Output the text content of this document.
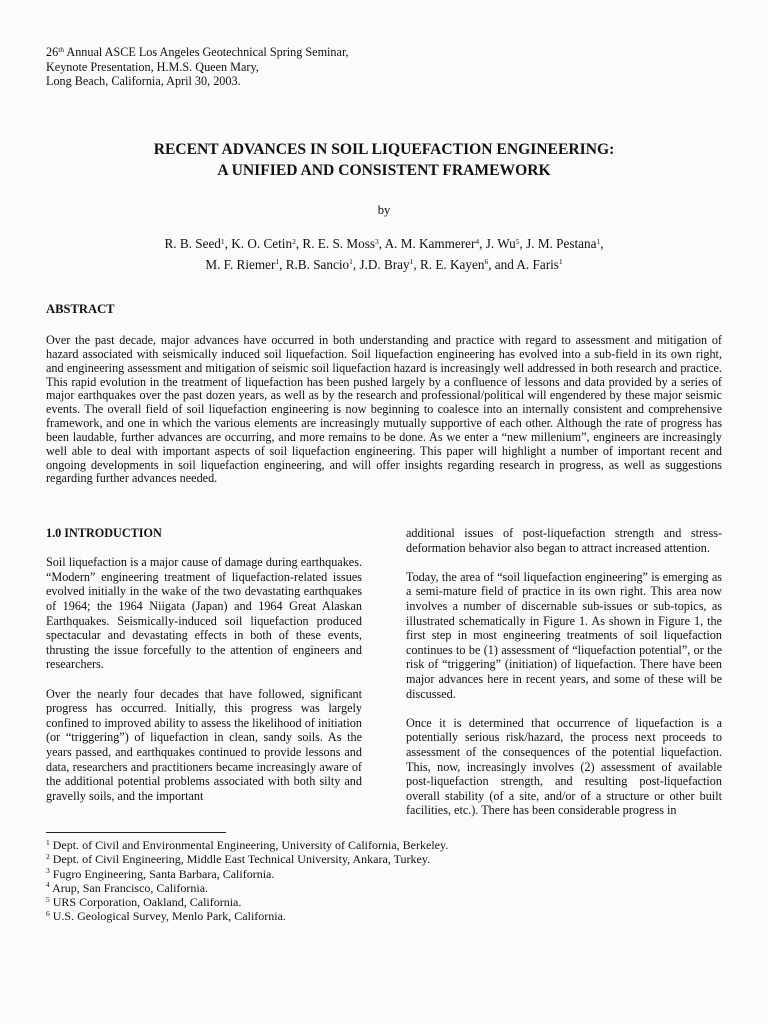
26th Annual ASCE Los Angeles Geotechnical Spring Seminar,
Keynote Presentation, H.M.S. Queen Mary,
Long Beach, California, April 30, 2003.
RECENT ADVANCES IN SOIL LIQUEFACTION ENGINEERING:
A UNIFIED AND CONSISTENT FRAMEWORK
by
R. B. Seed$^1$, K. O. Cetin$^2$, R. E. S. Moss$^3$, A. M. Kammerer$^4$, J. Wu$^5$, J. M. Pestana$^1$,
M. F. Riemer$^1$, R.B. Sancio$^1$, J.D. Bray$^1$, R. E. Kayen$^6$, and A. Faris$^1$
ABSTRACT
Over the past decade, major advances have occurred in both understanding and practice with regard to assessment and mitigation of hazard associated with seismically induced soil liquefaction. Soil liquefaction engineering has evolved into a sub-field in its own right, and engineering assessment and mitigation of seismic soil liquefaction hazard is increasingly well addressed in both research and practice. This rapid evolution in the treatment of liquefaction has been pushed largely by a confluence of lessons and data provided by a series of major earthquakes over the past dozen years, as well as by the research and professional/political will engendered by these major seismic events. The overall field of soil liquefaction engineering is now beginning to coalesce into an internally consistent and comprehensive framework, and one in which the various elements are increasingly mutually supportive of each other. Although the rate of progress has been laudable, further advances are occurring, and more remains to be done. As we enter a “new millenium”, engineers are increasingly well able to deal with important aspects of soil liquefaction engineering. This paper will highlight a number of important recent and ongoing developments in soil liquefaction engineering, and will offer insights regarding research in progress, as well as suggestions regarding further advances needed.
1.0 INTRODUCTION

Soil liquefaction is a major cause of damage during earthquakes. “Modern” engineering treatment of liquefaction-related issues evolved initially in the wake of the two devastating earthquakes of 1964; the 1964 Niigata (Japan) and 1964 Great Alaskan Earthquakes. Seismically-induced soil liquefaction produced spectacular and devastating effects in both of these events, thrusting the issue forcefully to the attention of engineers and researchers.

Over the nearly four decades that have followed, significant progress has occurred. Initially, this progress was largely confined to improved ability to assess the likelihood of initiation (or “triggering”) of liquefaction in clean, sandy soils. As the years passed, and earthquakes continued to provide lessons and data, researchers and practitioners became increasingly aware of the additional potential problems associated with both silty and gravelly soils, and the important

additional issues of post-liquefaction strength and stress-deformation behavior also began to attract increased attention.

Today, the area of “soil liquefaction engineering” is emerging as a semi-mature field of practice in its own right. This area now involves a number of discernable sub-issues or sub-topics, as illustrated schematically in Figure 1. As shown in Figure 1, the first step in most engineering treatments of soil liquefaction continues to be (1) assessment of “liquefaction potential”, or the risk of “triggering” (initiation) of liquefaction. There have been major advances here in recent years, and some of these will be discussed.

Once it is determined that occurrence of liquefaction is a potentially serious risk/hazard, the process next proceeds to assessment of the consequences of the potential liquefaction. This, now, increasingly involves (2) assessment of available post-liquefaction strength, and resulting post-liquefaction overall stability (of a site, and/or of a structure or other built facilities, etc.). There has been considerable progress in

$^1$ Dept. of Civil and Environmental Engineering, University of California, Berkeley.
$^2$ Dept. of Civil Engineering, Middle East Technical University, Ankara, Turkey.
$^3$ Fugro Engineering, Santa Barbara, California.
$^4$ Arup, San Francisco, California.
$^5$ URS Corporation, Oakland, California.
$^6$ U.S. Geological Survey, Menlo Park, California.
